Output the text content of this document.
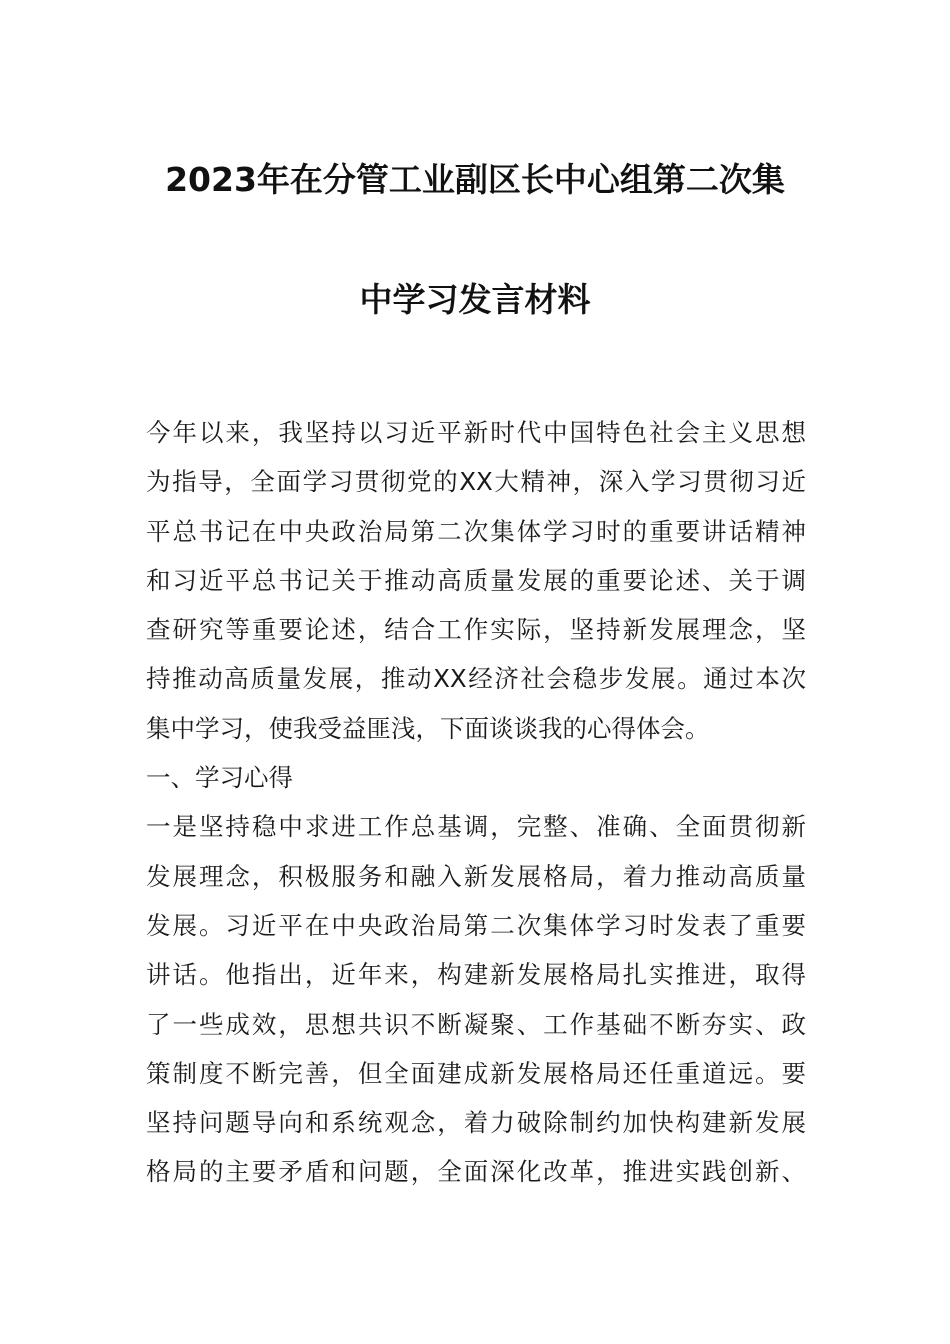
2023年在分管工业副区长中心组第二次集
中学习发言材料
今年以来，我坚持以习近平新时代中国特色社会主义思想
为指导，全面学习贯彻党的XX大精神，深入学习贯彻习近
平总书记在中央政治局第二次集体学习时的重要讲话精神
和习近平总书记关于推动高质量发展的重要论述、关于调
查研究等重要论述，结合工作实际，坚持新发展理念，坚
持推动高质量发展，推动XX经济社会稳步发展。通过本次
集中学习，使我受益匪浅，下面谈谈我的心得体会。
一、学习心得
一是坚持稳中求进工作总基调，完整、准确、全面贯彻新
发展理念，积极服务和融入新发展格局，着力推动高质量
发展。习近平在中央政治局第二次集体学习时发表了重要
讲话。他指出，近年来，构建新发展格局扎实推进，取得
了一些成效，思想共识不断凝聚、工作基础不断夯实、政
策制度不断完善，但全面建成新发展格局还任重道远。要
坚持问题导向和系统观念，着力破除制约加快构建新发展
格局的主要矛盾和问题，全面深化改革，推进实践创新、
